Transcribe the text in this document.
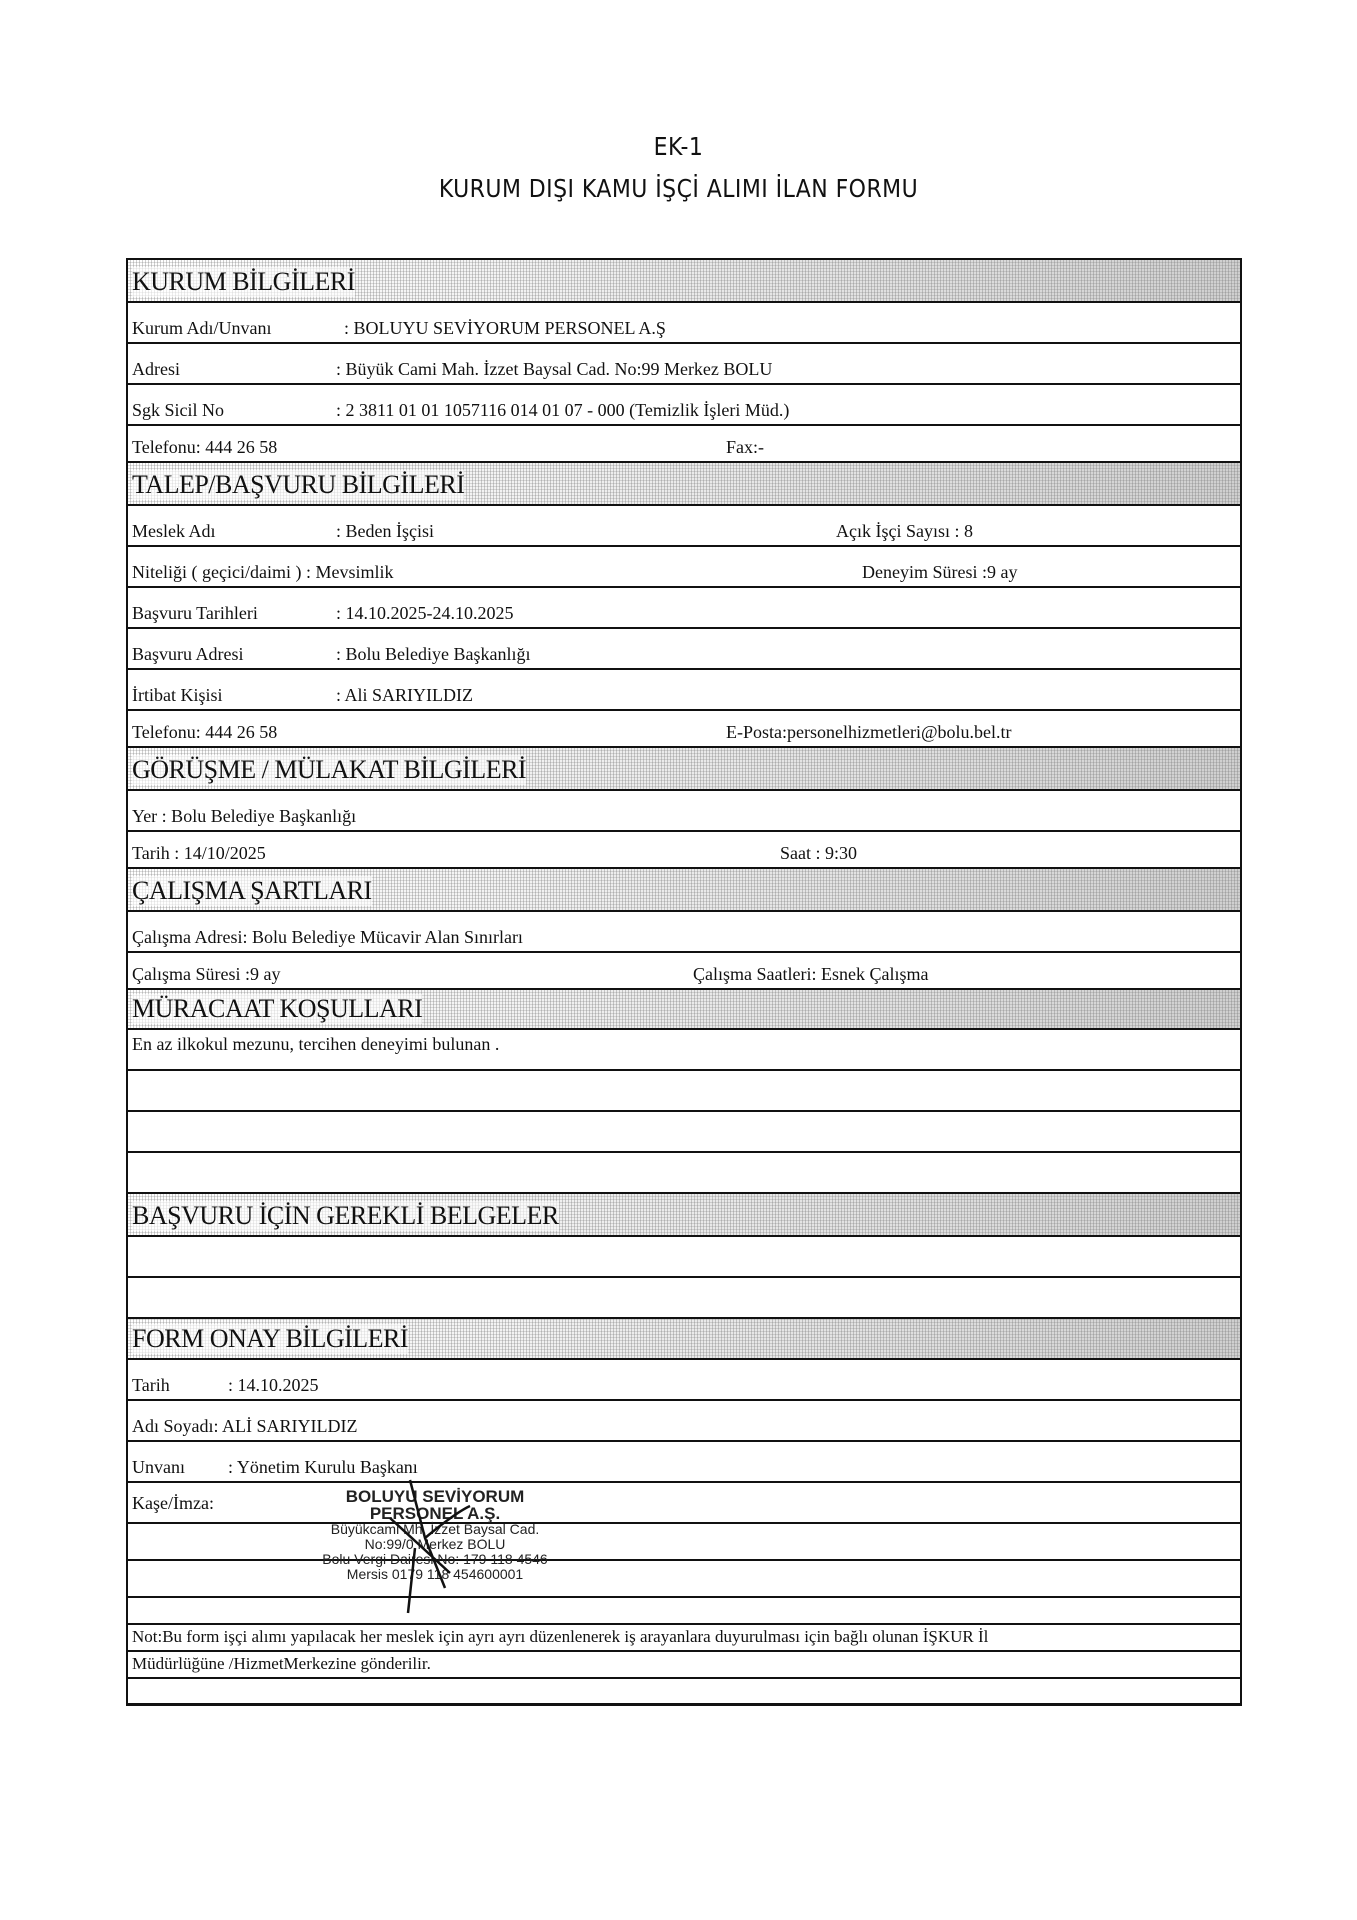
EK-1
KURUM DIŞI KAMU İŞÇİ ALIMI İLAN FORMU
KURUM BİLGİLERİ
Kurum Adı/Unvanı	: BOLUYU SEVİYORUM PERSONEL A.Ş
Adresi	: Büyük Cami Mah. İzzet Baysal Cad. No:99 Merkez BOLU
Sgk Sicil No	: 2 3811 01 01 1057116 014 01 07 - 000 (Temizlik İşleri Müd.)
Telefonu: 444 26 58	Fax:-
TALEP/BAŞVURU BİLGİLERİ
Meslek Adı	: Beden İşçisi	Açık İşçi Sayısı : 8
Niteliği ( geçici/daimi ) : Mevsimlik	Deneyim Süresi :9 ay
Başvuru Tarihleri	: 14.10.2025-24.10.2025
Başvuru Adresi	: Bolu Belediye Başkanlığı
İrtibat Kişisi	: Ali SARIYILDIZ
Telefonu: 444 26 58	E-Posta:personelhizmetleri@bolu.bel.tr
GÖRÜŞME / MÜLAKAT BİLGİLERİ
Yer : Bolu Belediye Başkanlığı
Tarih : 14/10/2025	Saat : 9:30
ÇALIŞMA ŞARTLARI
Çalışma Adresi: Bolu Belediye Mücavir Alan Sınırları
Çalışma Süresi :9 ay	Çalışma Saatleri: Esnek Çalışma
MÜRACAAT KOŞULLARI
En az ilkokul mezunu, tercihen deneyimi bulunan .
BAŞVURU İÇİN GEREKLİ BELGELER
FORM ONAY BİLGİLERİ
Tarih	: 14.10.2025
Adı Soyadı: ALİ SARIYILDIZ
Unvanı : Yönetim Kurulu Başkanı
Kaşe/İmza:
Not:Bu form işçi alımı yapılacak her meslek için ayrı ayrı düzenlenerek iş arayanlara duyurulması için bağlı olunan İŞKUR İl
Müdürlüğüne /HizmetMerkezine gönderilir.
BOLUYU SEVİYORUM
PERSONEL A.Ş.
Büyükcami Mh. İzzet Baysal Cad.
No:99/0 Merkez BOLU
Bolu Vergi Dairesi No: 179 118 4546
Mersis 0179 118 454600001
